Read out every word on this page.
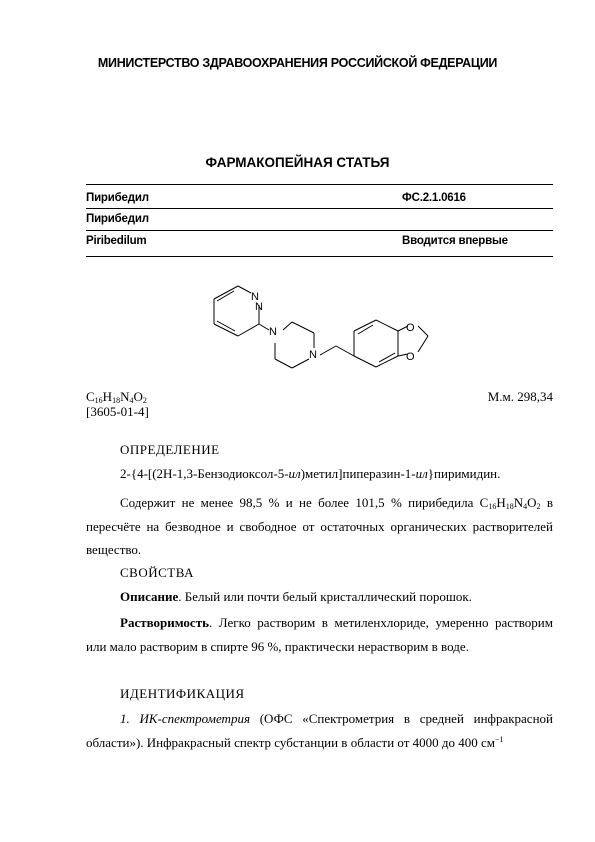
МИНИСТЕРСТВО ЗДРАВООХРАНЕНИЯ РОССИЙСКОЙ ФЕДЕРАЦИИ
ФАРМАКОПЕЙНАЯ СТАТЬЯ
Пирибедил	ФС.2.1.0616
Пирибедил
Piribedilum	Вводится впервые
N
N
N
N
O
O
$C_{16}H_{18}N_4O_2$
[3605-01-4]
М.м. 298,34
ОПРЕДЕЛЕНИЕ
2-{4-[(2H-1,3-Бензодиоксол-5-ил)метил]пиперазин-1-ил}пиримидин.
Содержит не менее 98,5 % и не более 101,5 % пирибедила $C_{16}H_{18}N_4O_2$ в пересчёте на безводное и свободное от остаточных органических растворителей вещество.
СВОЙСТВА
Описание. Белый или почти белый кристаллический порошок.
Растворимость. Легко растворим в метиленхлориде, умеренно растворим или мало растворим в спирте 96 %, практически нерастворим в воде.
ИДЕНТИФИКАЦИЯ
1. ИК-спектрометрия (ОФС «Спектрометрия в средней инфракрасной области»). Инфракрасный спектр субстанции в области от 4000 до 400 $см^{-1}$
